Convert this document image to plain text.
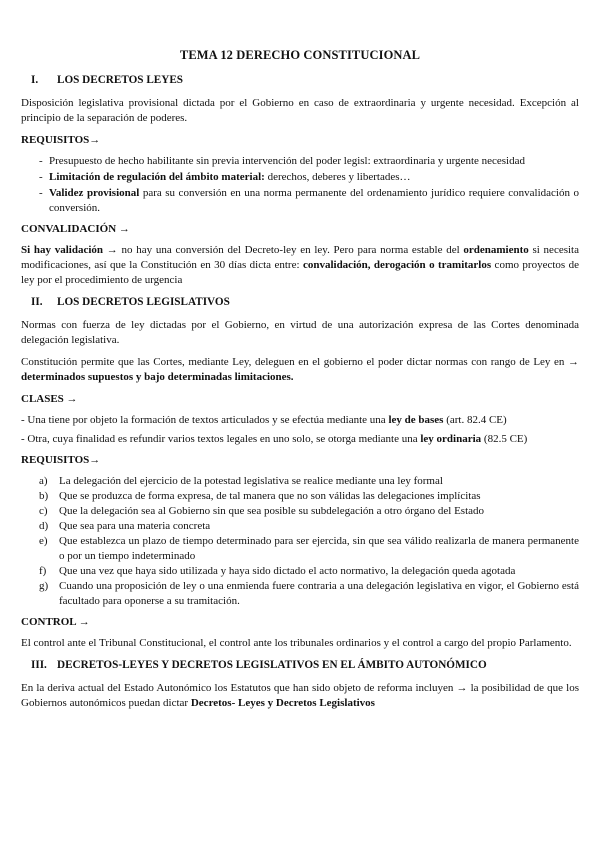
TEMA 12 DERECHO CONSTITUCIONAL
I.	LOS DECRETOS LEYES

Disposición legislativa provisional dictada por el Gobierno en caso de extraordinaria y urgente necesidad. Excepción al principio de la separación de poderes.

REQUISITOS→
- Presupuesto de hecho habilitante sin previa intervención del poder legisl: extraordinaria y urgente necesidad
- Limitación de regulación del ámbito material: derechos, deberes y libertades…
- Validez provisional para su conversión en una norma permanente del ordenamiento jurídico requiere convalidación o conversión.
CONVALIDACIÓN →

Si hay validación → no hay una conversión del Decreto-ley en ley. Pero para norma estable del ordenamiento si necesita modificaciones, así que la Constitución en 30 días dicta entre: convalidación, derogación o tramitarlos como proyectos de ley por el procedimiento de urgencia

II.	LOS DECRETOS LEGISLATIVOS

Normas con fuerza de ley dictadas por el Gobierno, en virtud de una autorización expresa de las Cortes denominada delegación legislativa.

Constitución permite que las Cortes, mediante Ley, deleguen en el gobierno el poder dictar normas con rango de Ley en → determinados supuestos y bajo determinadas limitaciones.

CLASES →

- Una tiene por objeto la formación de textos articulados y se efectúa mediante una ley de bases (art. 82.4 CE)

- Otra, cuya finalidad es refundir varios textos legales en uno solo, se otorga mediante una ley ordinaria (82.5 CE)

REQUISITOS→
a) La delegación del ejercicio de la potestad legislativa se realice mediante una ley formal
b) Que se produzca de forma expresa, de tal manera que no son válidas las delegaciones implícitas
c) Que la delegación sea al Gobierno sin que sea posible su subdelegación a otro órgano del Estado
d) Que sea para una materia concreta
e) Que establezca un plazo de tiempo determinado para ser ejercida, sin que sea válido realizarla de manera permanente o por un tiempo indeterminado
f) Que una vez que haya sido utilizada y haya sido dictado el acto normativo, la delegación queda agotada
g) Cuando una proposición de ley o una enmienda fuere contraria a una delegación legislativa en vigor, el Gobierno está facultado para oponerse a su tramitación.
CONTROL →

El control ante el Tribunal Constitucional, el control ante los tribunales ordinarios y el control a cargo del propio Parlamento.

III. DECRETOS-LEYES Y DECRETOS LEGISLATIVOS EN EL ÁMBITO AUTONÓMICO

En la deriva actual del Estado Autonómico los Estatutos que han sido objeto de reforma incluyen → la posibilidad de que los Gobiernos autonómicos puedan dictar Decretos- Leyes y Decretos Legislativos
